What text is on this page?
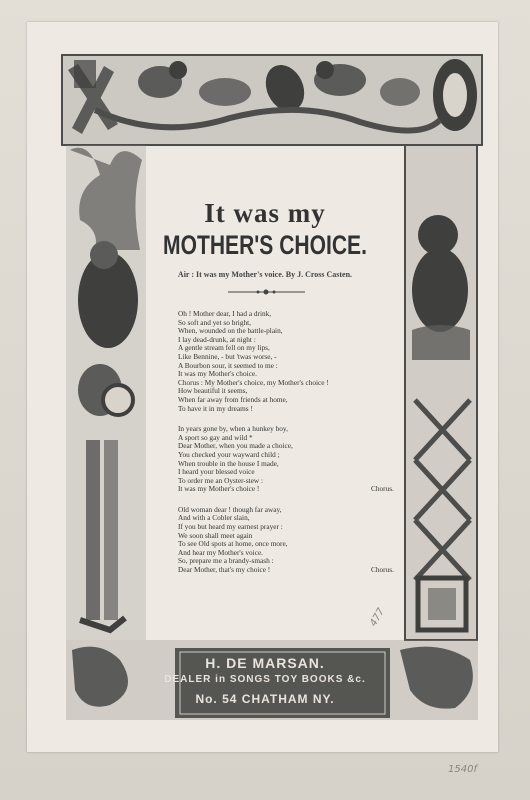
It was my
MOTHER'S CHOICE.
Air : It was my Mother's voice. By J. Cross Casten.
Oh ! Mother dear, I had a drink,
So soft and yet so bright,
When, wounded on the battle-plain,
I lay dead-drunk, at night :
A gentle stream fell on my lips,
Like Bennine, - but 'twas worse, -
A Bourbon sour, it seemed to me :
It was my Mother's choice.
Chorus : My Mother's choice, my Mother's choice !
How beautiful it seems,
When far away from friends at home,
To have it in my dreams !
In years gone by, when a hunkey boy,
A sport so gay and wild *
Dear Mother, when you made a choice,
You checked your wayward child ;
When trouble in the house I made,
I heard your blessed voice
To order me an Oyster-stew :
It was my Mother's choice !	Chorus.
Old woman dear ! though far away,
And with a Cobler slain,
If you but heard my earnest prayer :
We soon shall meet again
To see Old spots at home, once more,
And hear my Mother's voice.
So, prepare me a brandy-smash :
Dear Mother, that's my choice !	Chorus.
H. DE MARSAN.
DEALER in SONGS TOY BOOKS &c.
No. 54 CHATHAM NY.
477
1540f
